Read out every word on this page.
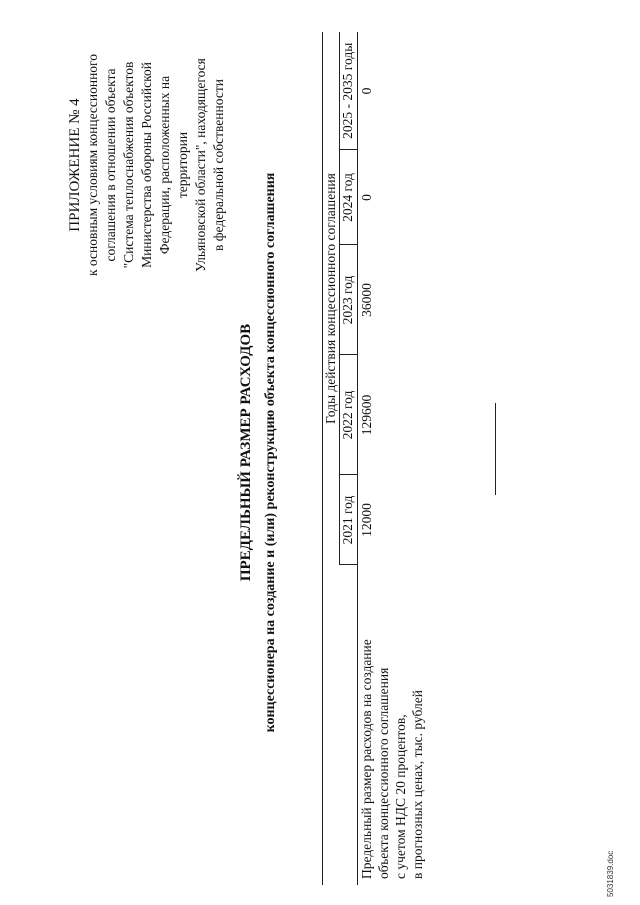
ПРИЛОЖЕНИЕ № 4 к основным условиям концессионного соглашения в отношении объекта "Система теплоснабжения объектов Министерства обороны Российской Федерации, расположенных на территории Ульяновской области", находящегося в федеральной собственности
ПРЕДЕЛЬНЫЙ РАЗМЕР РАСХОДОВ концессионера на создание и (или) реконструкцию объекта концессионного соглашения
		Годы действия концессионного соглашения				
	2021 год	2022 год	2023 год	2024 год	2025 - 2035 годы

Предельный размер расходов на создание объекта концессионного соглашения с учетом НДС 20 процентов, в прогнозных ценах, тыс. рублей	12000	129600	36000	0	0
5031839.doc
